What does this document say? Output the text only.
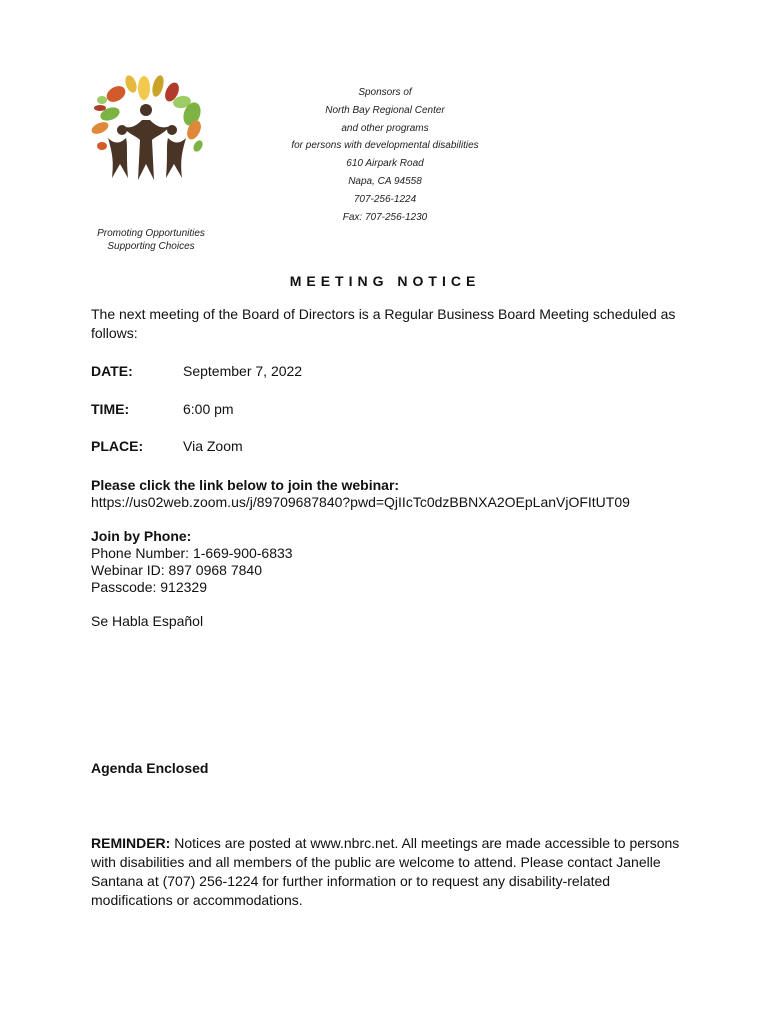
Promoting Opportunities
Supporting Choices
Sponsors of
North Bay Regional Center
and other programs
for persons with developmental disabilities
610 Airpark Road
Napa, CA 94558
707-256-1224
Fax: 707-256-1230
MEETING NOTICE
The next meeting of the Board of Directors is a Regular Business Board Meeting scheduled as follows:
DATE:	September 7, 2022
TIME:	6:00 pm
PLACE:	Via Zoom
Please click the link below to join the webinar:
https://us02web.zoom.us/j/89709687840?pwd=QjIIcTc0dzBBNXA2OEpLanVjOFItUT09
Join by Phone:
Phone Number: 1-669-900-6833
Webinar ID: 897 0968 7840
Passcode: 912329
Se Habla Español
Agenda Enclosed
REMINDER: Notices are posted at www.nbrc.net. All meetings are made accessible to persons with disabilities and all members of the public are welcome to attend. Please contact Janelle Santana at (707) 256-1224 for further information or to request any disability-related modifications or accommodations.
